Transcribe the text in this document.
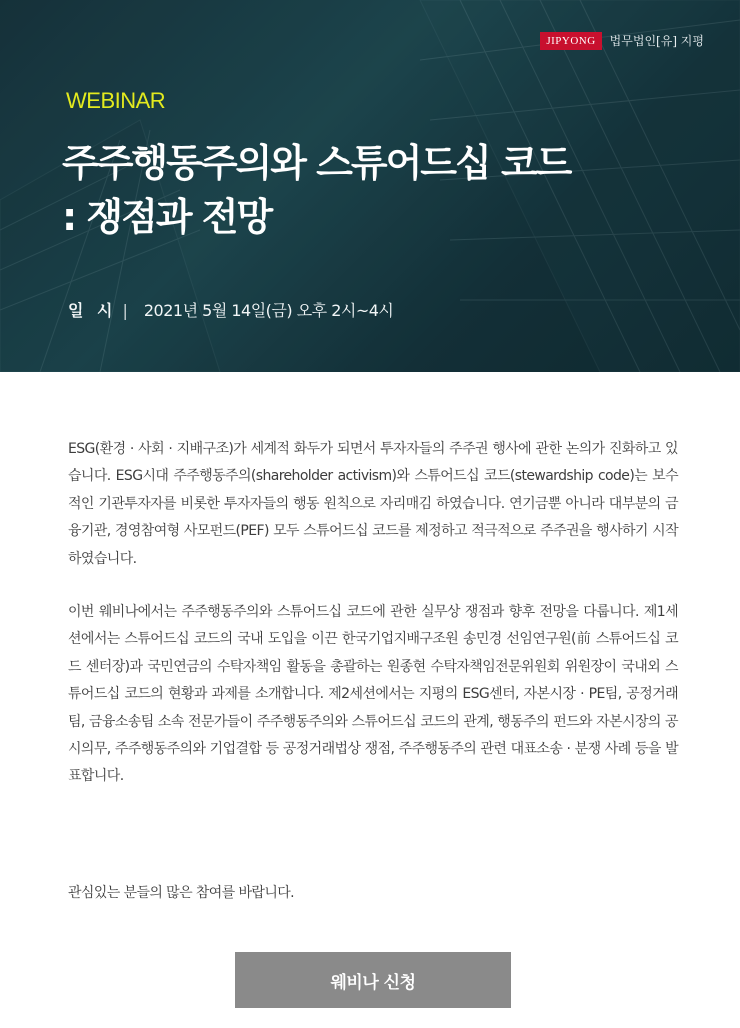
JIPYONG	법무법인[유] 지평
WEBINAR
주주행동주의와 스튜어드십 코드
: 쟁점과 전망
일 시 | 2021년 5월 14일(금) 오후 2시~4시

ESG(환경 · 사회 · 지배구조)가 세계적 화두가 되면서 투자자들의 주주권 행사에 관한 논의가 진화하고 있습니다. ESG시대 주주행동주의(shareholder activism)와 스튜어드십 코드(stewardship code)는 보수적인 기관투자자를 비롯한 투자자들의 행동 원칙으로 자리매김 하였습니다. 연기금뿐 아니라 대부분의 금융기관, 경영참여형 사모펀드(PEF) 모두 스튜어드십 코드를 제정하고 적극적으로 주주권을 행사하기 시작하였습니다.

이번 웨비나에서는 주주행동주의와 스튜어드십 코드에 관한 실무상 쟁점과 향후 전망을 다룹니다. 제1세션에서는 스튜어드십 코드의 국내 도입을 이끈 한국기업지배구조원 송민경 선임연구원(前 스튜어드십 코드 센터장)과 국민연금의 수탁자책임 활동을 총괄하는 원종현 수탁자책임전문위원회 위원장이 국내외 스튜어드십 코드의 현황과 과제를 소개합니다. 제2세션에서는 지평의 ESG센터, 자본시장 · PE팀, 공정거래팀, 금융소송팀 소속 전문가들이 주주행동주의와 스튜어드십 코드의 관계, 행동주의 펀드와 자본시장의 공시의무, 주주행동주의와 기업결합 등 공정거래법상 쟁점, 주주행동주의 관련 대표소송 · 분쟁 사례 등을 발표합니다.

관심있는 분들의 많은 참여를 바랍니다.
웨비나 신청
